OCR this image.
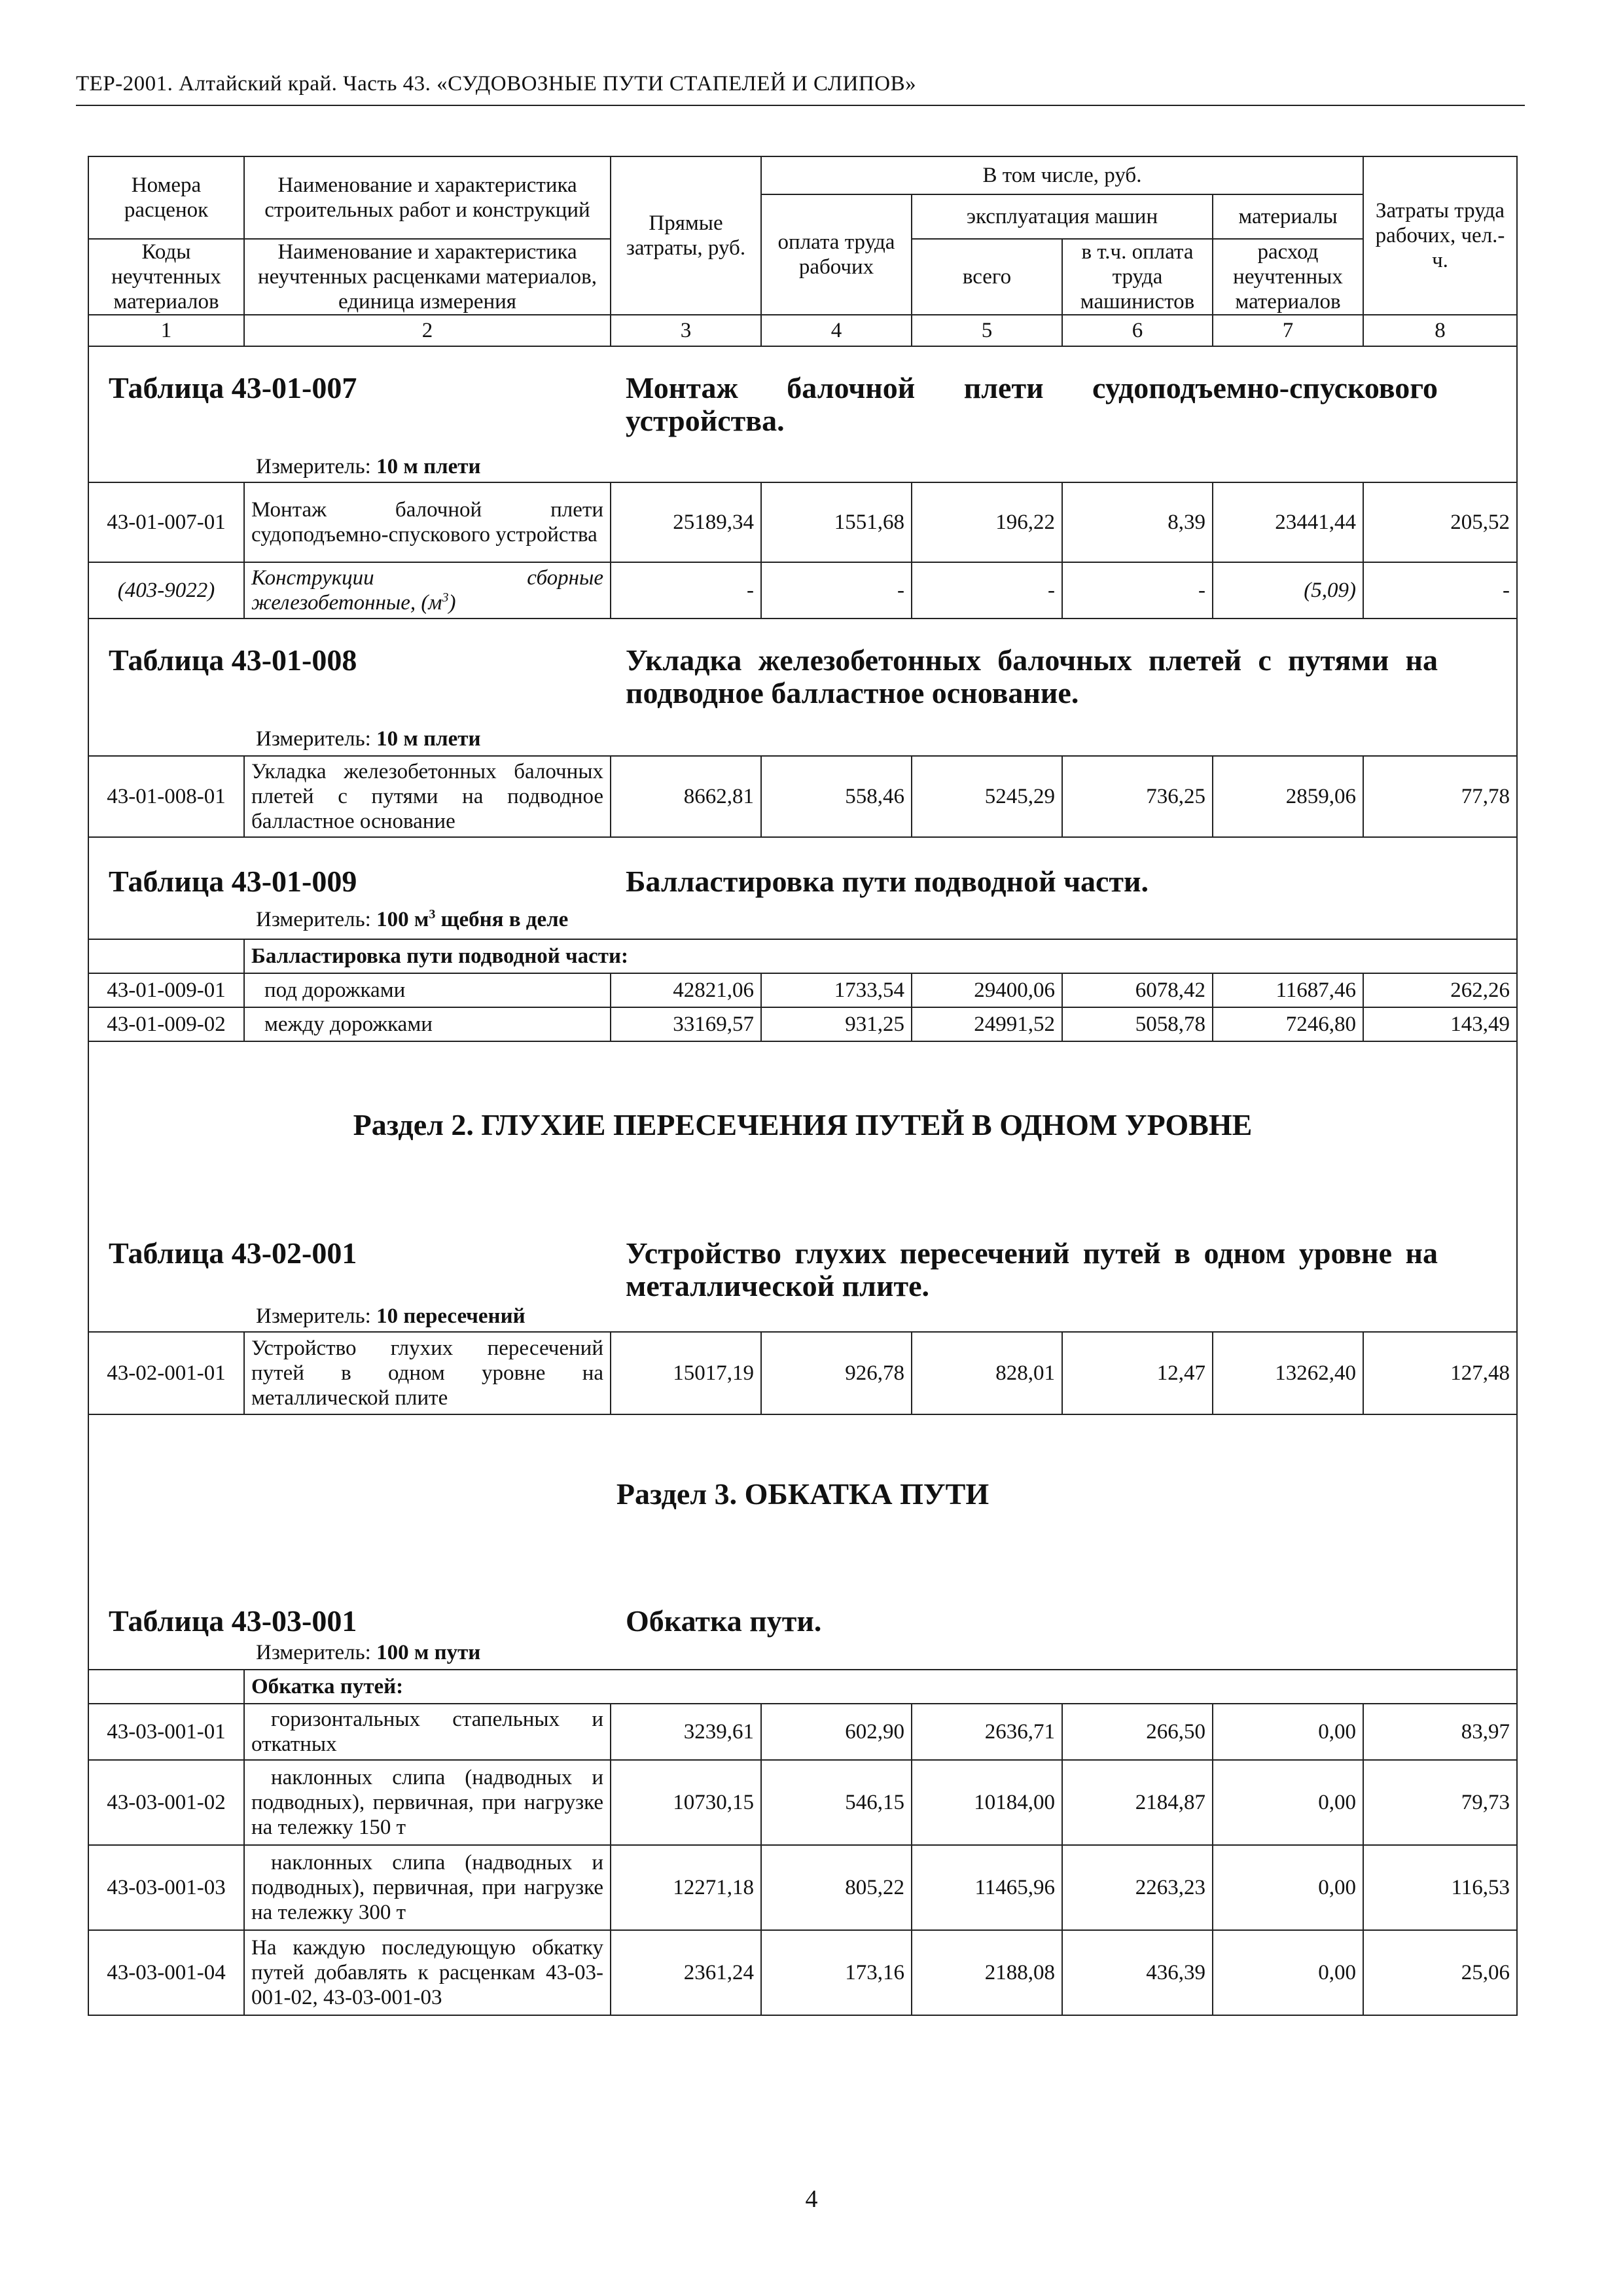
ТЕР-2001. Алтайский край. Часть 43. «СУДОВОЗНЫЕ ПУТИ СТАПЕЛЕЙ И СЛИПОВ»
Номера расценок	Наименование и характеристика строительных работ и конструкций	Прямые затраты, руб.	В том числе, руб.				Затраты труда рабочих, чел.-ч.
			оплата труда рабочих	эксплуатация машин		материалы	
Коды неучтенных материалов	Наименование и характеристика неучтенных расценками материалов, единица измерения			всего	в т.ч. оплата труда машинистов	расход неучтенных материалов	
1	2	3	4	5	6	7	8

Таблица 43-01-007 Монтаж балочной плети судоподъемно-спускового устройства.
Измеритель: 10 м плети							

43-01-007-01	Монтаж балочной плети судоподъемно-спускового устройства	25189,34	1551,68	196,22	8,39	23441,44	205,52
(403-9022)	Конструкции сборные железобетонные, $(м^3)$	-	-	-	-	(5,09)	-

Таблица 43-01-008 Укладка железобетонных балочных плетей с путями на подводное балластное основание.
Измеритель: 10 м плети							

43-01-008-01	Укладка железобетонных балочных плетей с путями на подводное балластное основание	8662,81	558,46	5245,29	736,25	2859,06	77,78

Таблица 43-01-009 Балластировка пути подводной части.
Измеритель: 100 $м^3$ щебня в деле							

	Балластировка пути подводной части:						
43-01-009-01	под дорожками	42821,06	1733,54	29400,06	6078,42	11687,46	262,26
43-01-009-02	между дорожками	33169,57	931,25	24991,52	5058,78	7246,80	143,49

Раздел 2. ГЛУХИЕ ПЕРЕСЕЧЕНИЯ ПУТЕЙ В ОДНОМ УРОВНЕ
Таблица 43-02-001 Устройство глухих пересечений путей в одном уровне на металлической плите.
Измеритель: 10 пересечений							

43-02-001-01	Устройство глухих пересечений путей в одном уровне на металлической плите	15017,19	926,78	828,01	12,47	13262,40	127,48

Раздел 3. ОБКАТКА ПУТИ
Таблица 43-03-001 Обкатка пути.
Измеритель: 100 м пути							

	Обкатка путей:						
43-03-001-01	горизонтальных стапельных и откатных	3239,61	602,90	2636,71	266,50	0,00	83,97
43-03-001-02	наклонных слипа (надводных и подводных), первичная, при нагрузке на тележку 150 т	10730,15	546,15	10184,00	2184,87	0,00	79,73
43-03-001-03	наклонных слипа (надводных и подводных), первичная, при нагрузке на тележку 300 т	12271,18	805,22	11465,96	2263,23	0,00	116,53
43-03-001-04	На каждую последующую обкатку путей добавлять к расценкам 43-03-001-02, 43-03-001-03	2361,24	173,16	2188,08	436,39	0,00	25,06
4
